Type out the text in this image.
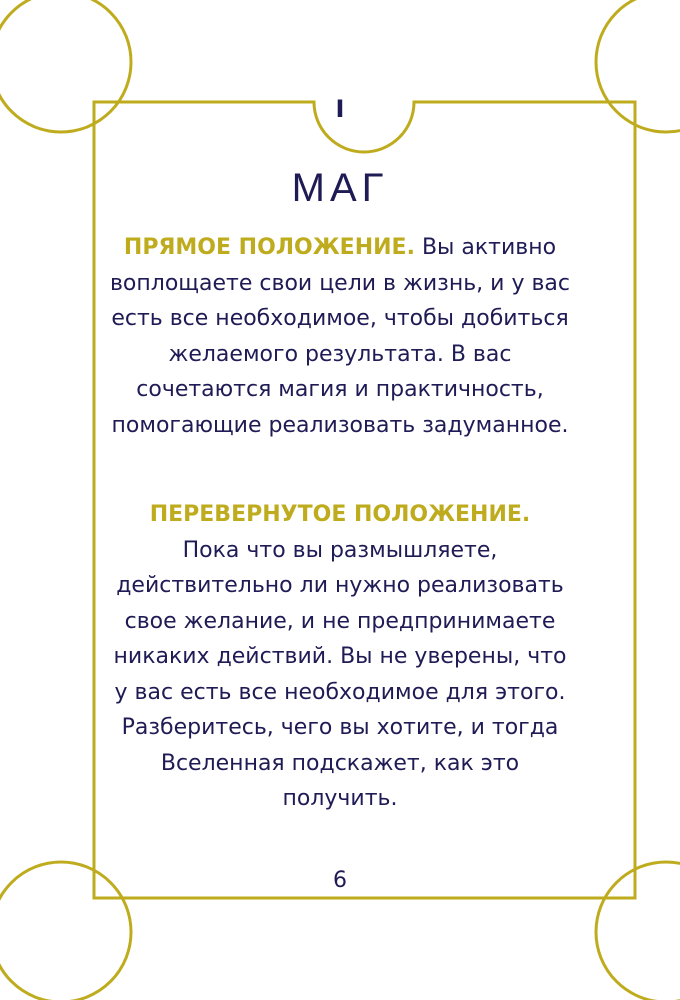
I
МАГ
ПРЯМОЕ ПОЛОЖЕНИЕ. Вы активно воплощаете свои цели в жизнь, и у вас есть все необходимое, чтобы добиться желаемого результата. В вас сочетаются магия и практичность, помогающие реализовать задуманное.
ПЕРЕВЕРНУТОЕ ПОЛОЖЕНИЕ.
Пока что вы размышляете, действительно ли нужно реализовать свое желание, и не предпринимаете никаких действий. Вы не уверены, что у вас есть все необходимое для этого. Разберитесь, чего вы хотите, и тогда Вселенная подскажет, как это получить.
6
